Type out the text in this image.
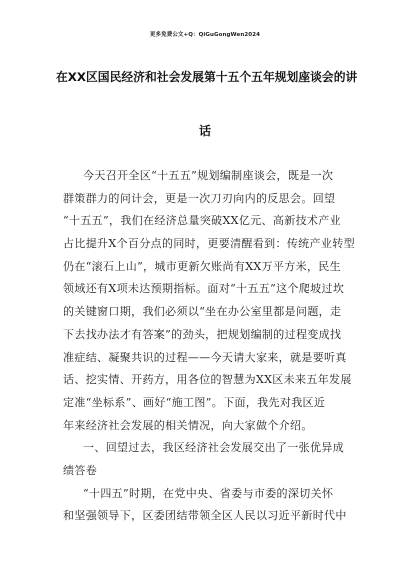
更多免费公文+Q：QiGuGongWen2024
在XX区国民经济和社会发展第十五个五年规划座谈会的讲
话
今天召开全区“十五五”规划编制座谈会，既是一次
群策群力的问计会，更是一次刀刃向内的反思会。回望
“十五五”，我们在经济总量突破XX亿元、高新技术产业
占比提升X个百分点的同时，更要清醒看到：传统产业转型
仍在“滚石上山”，城市更新欠账尚有XX万平方米，民生
领域还有X项未达预期指标。面对“十五五”这个爬坡过坎
的关键窗口期，我们必须以“坐在办公室里都是问题，走
下去找办法才有答案”的劲头，把规划编制的过程变成找
准症结、凝聚共识的过程——今天请大家来，就是要听真
话、挖实情、开药方，用各位的智慧为XX区未来五年发展
定准“坐标系”、画好“施工图”。下面，我先对我区近
年来经济社会发展的相关情况，向大家做个介绍。
一、回望过去，我区经济社会发展交出了一张优异成
绩答卷
“十四五”时期，在党中央、省委与市委的深切关怀
和坚强领导下，区委团结带领全区人民以习近平新时代中
